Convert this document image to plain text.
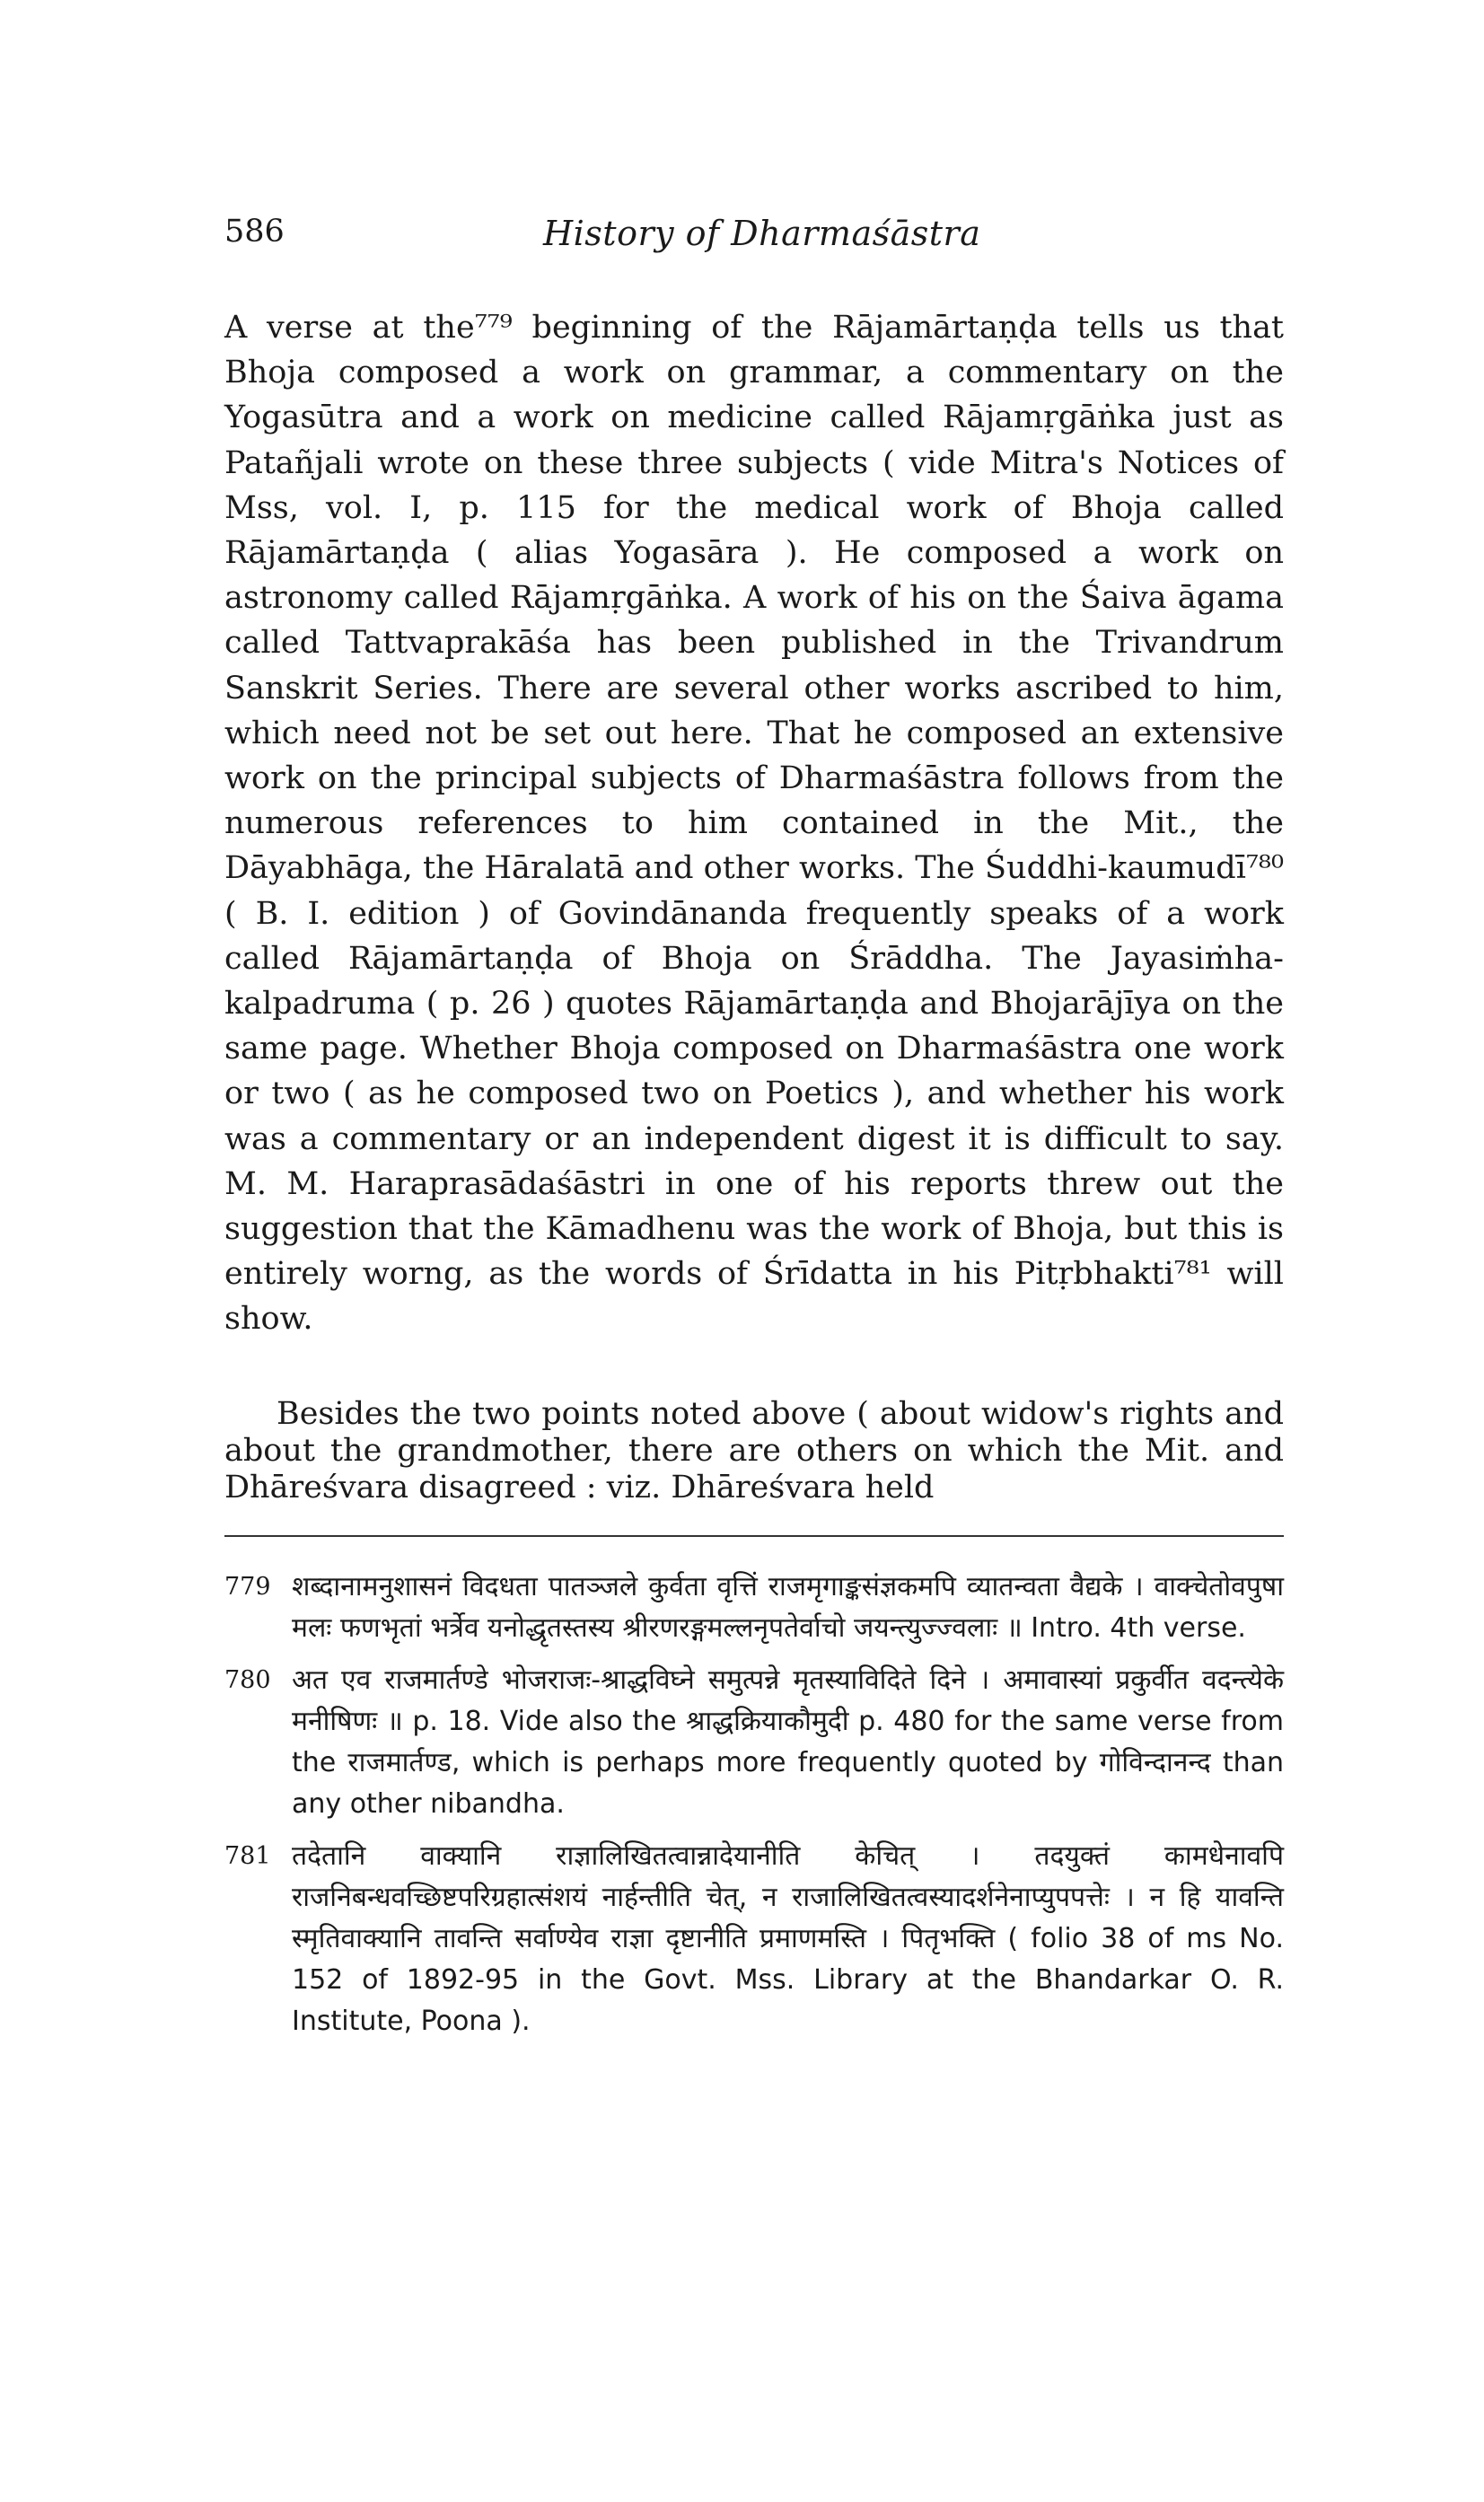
586	History of Dharmaśāstra

A verse at the⁷⁷⁹ beginning of the Rājamārtaṇḍa tells us that Bhoja composed a work on grammar, a commentary on the Yogasūtra and a work on medicine called Rājamṛgāṅka just as Patañjali wrote on these three subjects ( vide Mitra's Notices of Mss, vol. I, p. 115 for the medical work of Bhoja called Rājamārtaṇḍa ( alias Yogasāra ). He composed a work on astronomy called Rājamṛgāṅka. A work of his on the Śaiva āgama called Tattvaprakāśa has been published in the Trivandrum Sanskrit Series. There are several other works ascribed to him, which need not be set out here. That he composed an extensive work on the principal subjects of Dharmaśāstra follows from the numerous references to him contained in the Mit., the Dāyabhāga, the Hāralatā and other works. The Śuddhi-kaumudī⁷⁸⁰ ( B. I. edition ) of Govindānanda frequently speaks of a work called Rājamārtaṇḍa of Bhoja on Śrāddha. The Jayasiṁha-kalpadruma ( p. 26 ) quotes Rājamārtaṇḍa and Bhojarājīya on the same page. Whether Bhoja composed on Dharmaśāstra one work or two ( as he composed two on Poetics ), and whether his work was a commentary or an independent digest it is difficult to say. M. M. Haraprasādaśāstri in one of his reports threw out the suggestion that the Kāmadhenu was the work of Bhoja, but this is entirely worng, as the words of Śrīdatta in his Pitṛbhakti⁷⁸¹ will show.

Besides the two points noted above ( about widow's rights and about the grandmother, there are others on which the Mit. and Dhāreśvara disagreed : viz. Dhāreśvara held
779 शब्दानामनुशासनं विदधता पातञ्जले कुर्वता वृत्तिं राजमृगाङ्कसंज्ञकमपि व्यातन्वता वैद्यके । वाक्चेतोवपुषा मलः फणभृतां भर्त्रेव यनोद्धृतस्तस्य श्रीरणरङ्गमल्लनृपतेर्वाचो जयन्त्युज्ज्वलाः ॥ Intro. 4th verse.
780 अत एव राजमार्तण्डे भोजराजः-श्राद्धविघ्ने समुत्पन्ने मृतस्याविदिते दिने । अमावास्यां प्रकुर्वीत वदन्त्येके मनीषिणः ॥ p. 18. Vide also the श्राद्धक्रियाकौमुदी p. 480 for the same verse from the राजमार्तण्ड, which is perhaps more frequently quoted by गोविन्दानन्द than any other nibandha.
781 तदेतानि वाक्यानि राज्ञालिखितत्वान्नादेयानीति केचित् । तदयुक्तं कामधेनावपि राजनिबन्धवच्छिष्टपरिग्रहात्संशयं नार्हन्तीति चेत्, न राजालिखितत्वस्यादर्शनेनाप्युपपत्तेः । न हि यावन्ति स्मृतिवाक्यानि तावन्ति सर्वाण्येव राज्ञा दृष्टानीति प्रमाणमस्ति । पितृभक्ति ( folio 38 of ms No. 152 of 1892-95 in the Govt. Mss. Library at the Bhandarkar O. R. Institute, Poona ).
